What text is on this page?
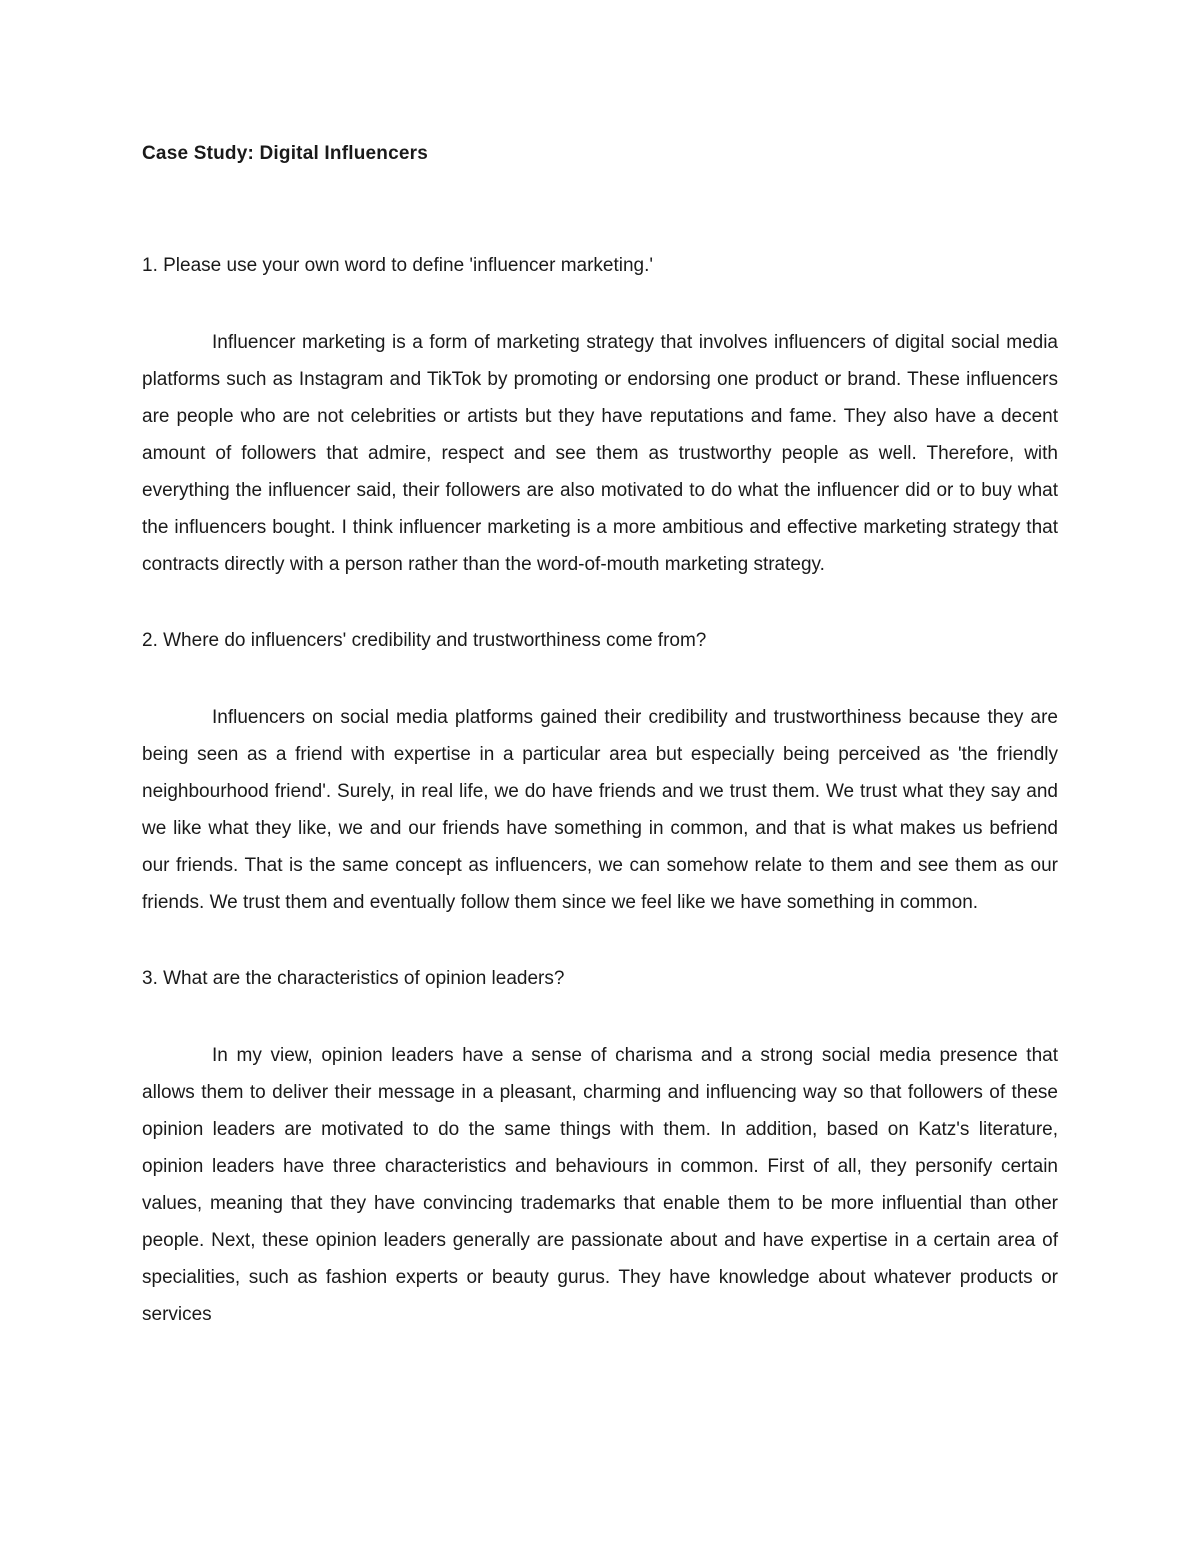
Case Study: Digital Influencers

1. Please use your own word to define 'influencer marketing.'

Influencer marketing is a form of marketing strategy that involves influencers of digital social media platforms such as Instagram and TikTok by promoting or endorsing one product or brand. These influencers are people who are not celebrities or artists but they have reputations and fame. They also have a decent amount of followers that admire, respect and see them as trustworthy people as well. Therefore, with everything the influencer said, their followers are also motivated to do what the influencer did or to buy what the influencers bought. I think influencer marketing is a more ambitious and effective marketing strategy that contracts directly with a person rather than the word-of-mouth marketing strategy.

2. Where do influencers' credibility and trustworthiness come from?

Influencers on social media platforms gained their credibility and trustworthiness because they are being seen as a friend with expertise in a particular area but especially being perceived as 'the friendly neighbourhood friend'. Surely, in real life, we do have friends and we trust them. We trust what they say and we like what they like, we and our friends have something in common, and that is what makes us befriend our friends. That is the same concept as influencers, we can somehow relate to them and see them as our friends. We trust them and eventually follow them since we feel like we have something in common.

3. What are the characteristics of opinion leaders?

In my view, opinion leaders have a sense of charisma and a strong social media presence that allows them to deliver their message in a pleasant, charming and influencing way so that followers of these opinion leaders are motivated to do the same things with them. In addition, based on Katz's literature, opinion leaders have three characteristics and behaviours in common. First of all, they personify certain values, meaning that they have convincing trademarks that enable them to be more influential than other people. Next, these opinion leaders generally are passionate about and have expertise in a certain area of specialities, such as fashion experts or beauty gurus. They have knowledge about whatever products or services
